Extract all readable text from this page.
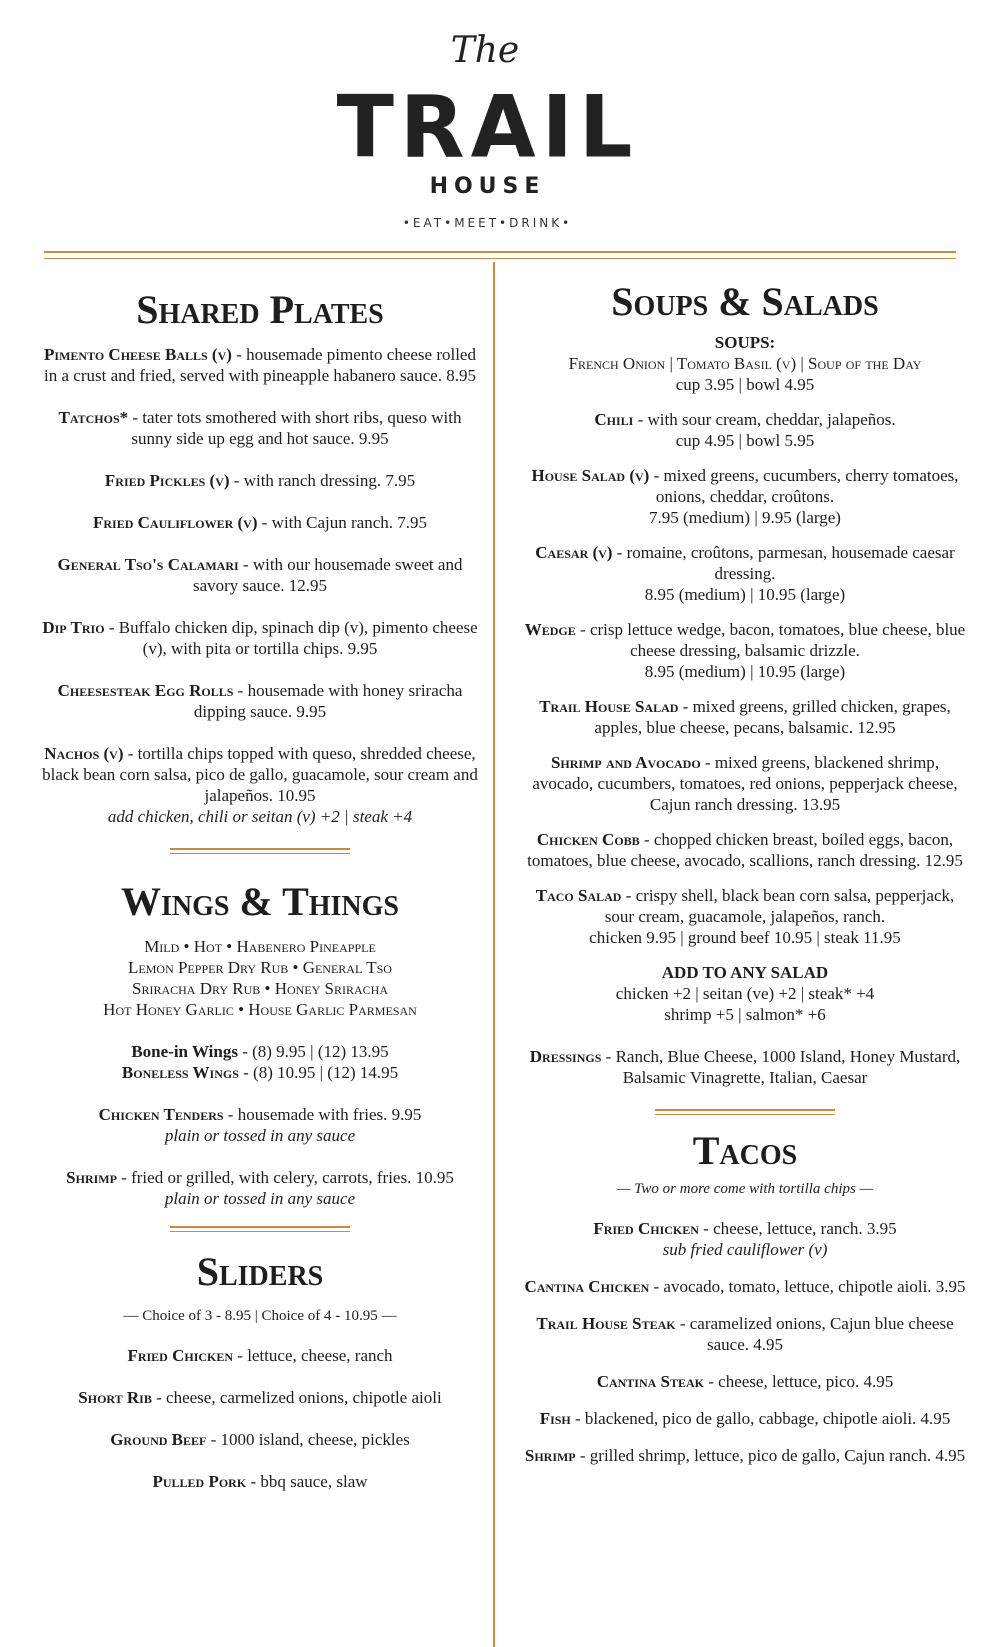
The
TRAIL
HOUSE
•EAT•MEET•DRINK•
Shared Plates
Pimento Cheese Balls (v) - housemade pimento cheese rolled in a crust and fried, served with pineapple habanero sauce. 8.95
Tatchos* - tater tots smothered with short ribs, queso with sunny side up egg and hot sauce. 9.95
Fried Pickles (v) - with ranch dressing. 7.95
Fried Cauliflower (v) - with Cajun ranch. 7.95
General Tso's Calamari - with our housemade sweet and savory sauce. 12.95
Dip Trio - Buffalo chicken dip, spinach dip (v), pimento cheese (v), with pita or tortilla chips. 9.95
Cheesesteak Egg Rolls - housemade with honey sriracha dipping sauce. 9.95
Nachos (v) - tortilla chips topped with queso, shredded cheese, black bean corn salsa, pico de gallo, guacamole, sour cream and jalapeños. 10.95
add chicken, chili or seitan (v) +2 | steak +4
Wings & Things
Mild • Hot • Habenero Pineapple
Lemon Pepper Dry Rub • General Tso
Sriracha Dry Rub • Honey Sriracha
Hot Honey Garlic • House Garlic Parmesan
Bone-in Wings - (8) 9.95 | (12) 13.95
Boneless Wings - (8) 10.95 | (12) 14.95
Chicken Tenders - housemade with fries. 9.95
plain or tossed in any sauce
Shrimp - fried or grilled, with celery, carrots, fries. 10.95
plain or tossed in any sauce
Sliders
— Choice of 3 - 8.95 | Choice of 4 - 10.95 —
Fried Chicken - lettuce, cheese, ranch
Short Rib - cheese, carmelized onions, chipotle aioli
Ground Beef - 1000 island, cheese, pickles
Pulled Pork - bbq sauce, slaw
Soups & Salads
SOUPS:
French Onion | Tomato Basil (v) | Soup of the Day
cup 3.95 | bowl 4.95
Chili - with sour cream, cheddar, jalapeños.
cup 4.95 | bowl 5.95
House Salad (v) - mixed greens, cucumbers, cherry tomatoes, onions, cheddar, croûtons.
7.95 (medium) | 9.95 (large)
Caesar (v) - romaine, croûtons, parmesan, housemade caesar dressing.
8.95 (medium) | 10.95 (large)
Wedge - crisp lettuce wedge, bacon, tomatoes, blue cheese, blue cheese dressing, balsamic drizzle.
8.95 (medium) | 10.95 (large)
Trail House Salad - mixed greens, grilled chicken, grapes, apples, blue cheese, pecans, balsamic. 12.95
Shrimp and Avocado - mixed greens, blackened shrimp, avocado, cucumbers, tomatoes, red onions, pepperjack cheese, Cajun ranch dressing. 13.95
Chicken Cobb - chopped chicken breast, boiled eggs, bacon, tomatoes, blue cheese, avocado, scallions, ranch dressing. 12.95
Taco Salad - crispy shell, black bean corn salsa, pepperjack, sour cream, guacamole, jalapeños, ranch.
chicken 9.95 | ground beef 10.95 | steak 11.95
ADD TO ANY SALAD
chicken +2 | seitan (ve) +2 | steak* +4
shrimp +5 | salmon* +6
Dressings - Ranch, Blue Cheese, 1000 Island, Honey Mustard, Balsamic Vinagrette, Italian, Caesar
Tacos
— Two or more come with tortilla chips —
Fried Chicken - cheese, lettuce, ranch. 3.95
sub fried cauliflower (v)
Cantina Chicken - avocado, tomato, lettuce, chipotle aioli. 3.95
Trail House Steak - caramelized onions, Cajun blue cheese sauce. 4.95
Cantina Steak - cheese, lettuce, pico. 4.95
Fish - blackened, pico de gallo, cabbage, chipotle aioli. 4.95
Shrimp - grilled shrimp, lettuce, pico de gallo, Cajun ranch. 4.95
